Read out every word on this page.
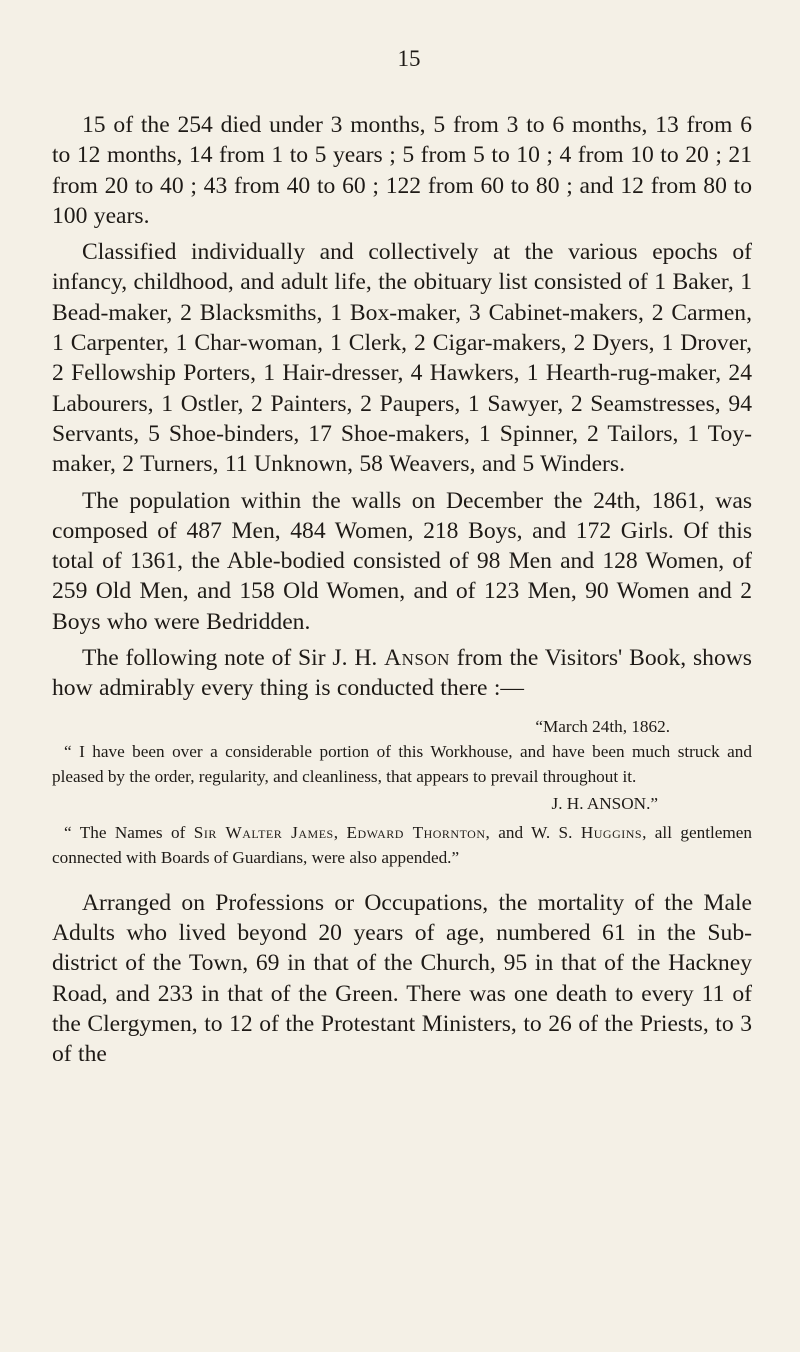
15

15 of the 254 died under 3 months, 5 from 3 to 6 months, 13 from 6 to 12 months, 14 from 1 to 5 years ; 5 from 5 to 10 ; 4 from 10 to 20 ; 21 from 20 to 40 ; 43 from 40 to 60 ; 122 from 60 to 80 ; and 12 from 80 to 100 years.

Classified individually and collectively at the various epochs of infancy, childhood, and adult life, the obituary list consisted of 1 Baker, 1 Bead-maker, 2 Blacksmiths, 1 Box-maker, 3 Cabinet-makers, 2 Carmen, 1 Carpenter, 1 Char-woman, 1 Clerk, 2 Cigar-makers, 2 Dyers, 1 Drover, 2 Fellowship Porters, 1 Hair-dresser, 4 Hawkers, 1 Hearth-rug-maker, 24 Labourers, 1 Ostler, 2 Painters, 2 Paupers, 1 Sawyer, 2 Seamstresses, 94 Servants, 5 Shoe-binders, 17 Shoe-makers, 1 Spinner, 2 Tailors, 1 Toy-maker, 2 Turners, 11 Unknown, 58 Weavers, and 5 Winders.

The population within the walls on December the 24th, 1861, was composed of 487 Men, 484 Women, 218 Boys, and 172 Girls. Of this total of 1361, the Able-bodied consisted of 98 Men and 128 Women, of 259 Old Men, and 158 Old Women, and of 123 Men, 90 Women and 2 Boys who were Bedridden.

The following note of Sir J. H. Anson from the Visitors' Book, shows how admirably every thing is conducted there :—

“March 24th, 1862.

“ I have been over a considerable portion of this Workhouse, and have been much struck and pleased by the order, regularity, and cleanliness, that appears to prevail throughout it.

J. H. ANSON.”

“ The Names of Sir Walter James, Edward Thornton, and W. S. Huggins, all gentlemen connected with Boards of Guardians, were also appended.”

Arranged on Professions or Occupations, the mortality of the Male Adults who lived beyond 20 years of age, numbered 61 in the Sub-district of the Town, 69 in that of the Church, 95 in that of the Hackney Road, and 233 in that of the Green. There was one death to every 11 of the Clergymen, to 12 of the Protestant Ministers, to 26 of the Priests, to 3 of the
